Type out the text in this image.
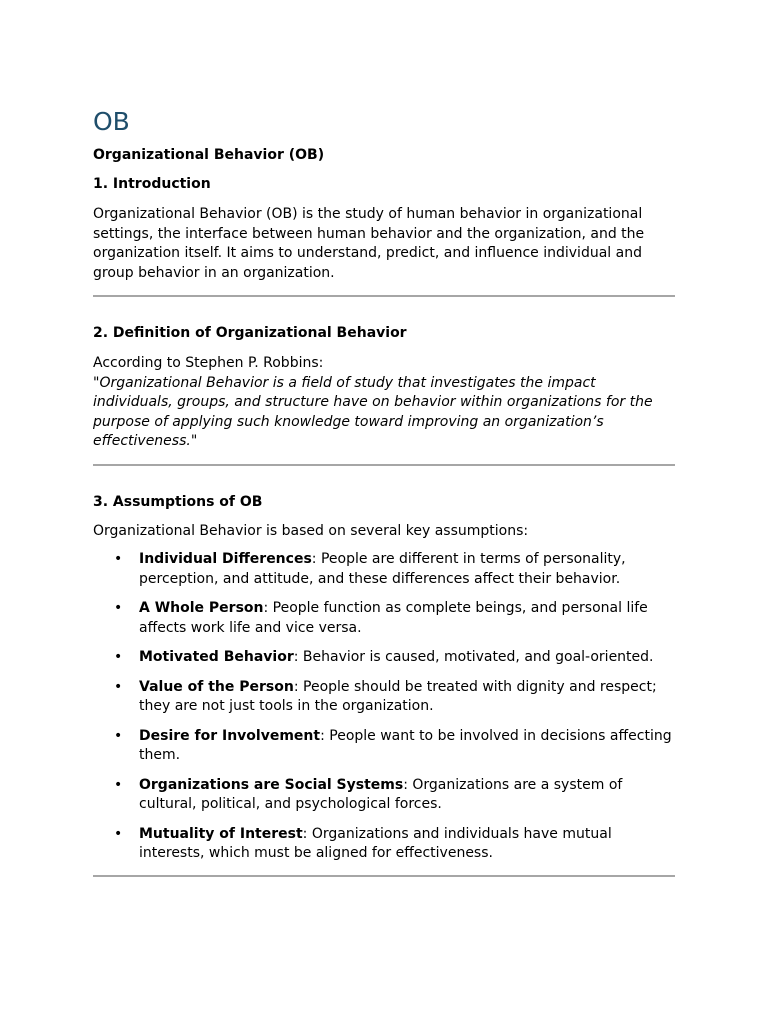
OB

Organizational Behavior (OB)

1. Introduction

Organizational Behavior (OB) is the study of human behavior in organizational settings, the interface between human behavior and the organization, and the organization itself. It aims to understand, predict, and influence individual and group behavior in an organization.

2. Definition of Organizational Behavior

According to Stephen P. Robbins:

"Organizational Behavior is a field of study that investigates the impact individuals, groups, and structure have on behavior within organizations for the purpose of applying such knowledge toward improving an organization’s effectiveness."

3. Assumptions of OB

Organizational Behavior is based on several key assumptions:

• Individual Differences: People are different in terms of personality, perception, and attitude, and these differences affect their behavior.
• A Whole Person: People function as complete beings, and personal life affects work life and vice versa.
• Motivated Behavior: Behavior is caused, motivated, and goal-oriented.
• Value of the Person: People should be treated with dignity and respect; they are not just tools in the organization.
• Desire for Involvement: People want to be involved in decisions affecting them.
• Organizations are Social Systems: Organizations are a system of cultural, political, and psychological forces.
• Mutuality of Interest: Organizations and individuals have mutual interests, which must be aligned for effectiveness.
